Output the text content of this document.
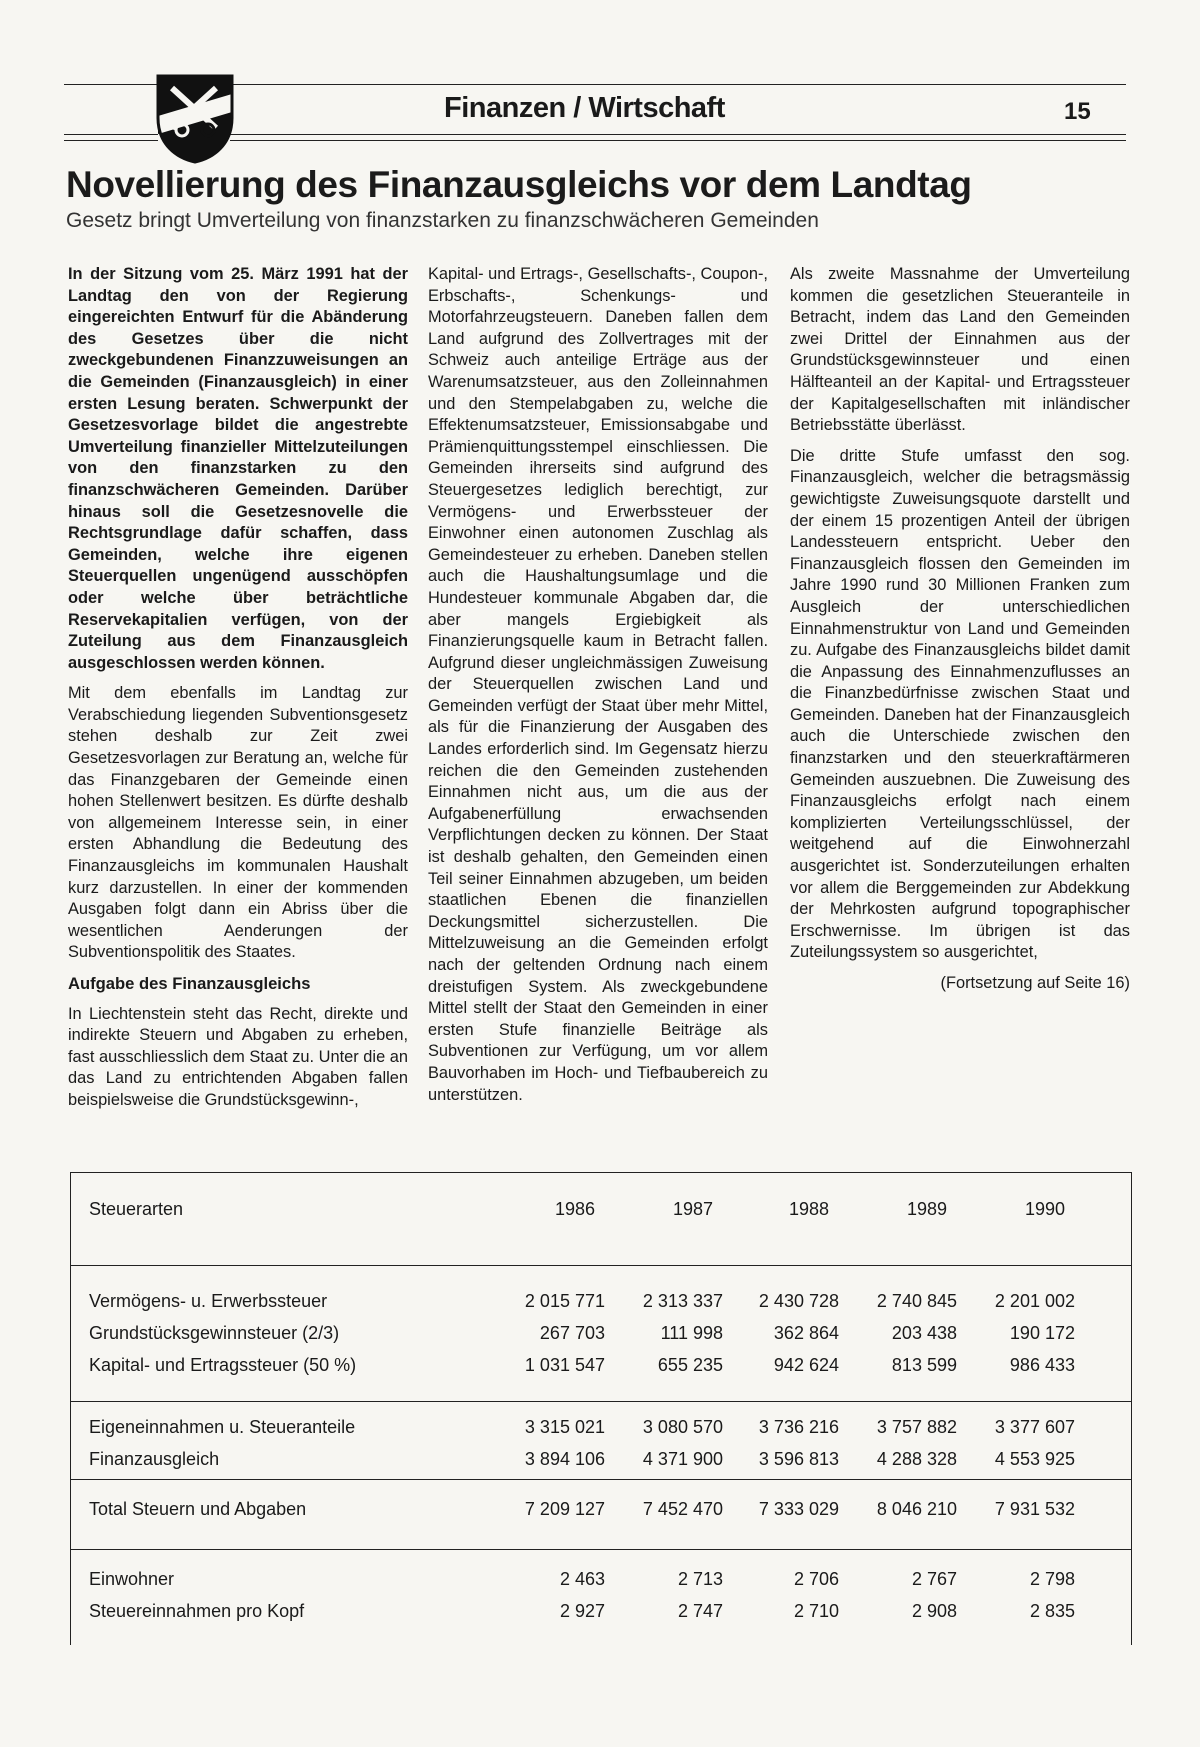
Finanzen / Wirtschaft	15
Novellierung des Finanzausgleichs vor dem Landtag
Gesetz bringt Umverteilung von finanzstarken zu finanzschwächeren Gemeinden

In der Sitzung vom 25. März 1991 hat der Landtag den von der Regierung eingereichten Entwurf für die Abänderung des Gesetzes über die nicht zweckgebundenen Finanzzuweisungen an die Gemeinden (Finanzausgleich) in einer ersten Lesung beraten. Schwerpunkt der Gesetzesvorlage bildet die angestrebte Umverteilung finanzieller Mittelzuteilungen von den finanzstarken zu den finanzschwächeren Gemeinden. Darüber hinaus soll die Gesetzesnovelle die Rechtsgrundlage dafür schaffen, dass Gemeinden, welche ihre eigenen Steuerquellen ungenügend ausschöpfen oder welche über beträchtliche Reservekapitalien verfügen, von der Zuteilung aus dem Finanzausgleich ausgeschlossen werden können.

Mit dem ebenfalls im Landtag zur Verabschiedung liegenden Subventionsgesetz stehen deshalb zur Zeit zwei Gesetzesvorlagen zur Beratung an, welche für das Finanzgebaren der Gemeinde einen hohen Stellenwert besitzen. Es dürfte deshalb von allgemeinem Interesse sein, in einer ersten Abhandlung die Bedeutung des Finanzausgleichs im kommunalen Haushalt kurz darzustellen. In einer der kommenden Ausgaben folgt dann ein Abriss über die wesentlichen Aenderungen der Subventionspolitik des Staates.

Aufgabe des Finanzausgleichs

In Liechtenstein steht das Recht, direkte und indirekte Steuern und Abgaben zu erheben, fast ausschliesslich dem Staat zu. Unter die an das Land zu entrichtenden Abgaben fallen beispielsweise die Grundstücksgewinn-,

Steuerarten	1986	1987	1988	1989	1990
Vermögens- u. Erwerbssteuer	2 015 771	2 313 337	2 430 728	2 740 845	2 201 002
Grundstücksgewinnsteuer (2/3)	267 703	111 998	362 864	203 438	190 172
Kapital- und Ertragssteuer (50 %)	1 031 547	655 235	942 624	813 599	986 433
Eigeneinnahmen u. Steueranteile	3 315 021	3 080 570	3 736 216	3 757 882	3 377 607
Finanzausgleich	3 894 106	4 371 900	3 596 813	4 288 328	4 553 925
Total Steuern und Abgaben	7 209 127	7 452 470	7 333 029	8 046 210	7 931 532
Einwohner	2 463	2 713	2 706	2 767	2 798
Steuereinnahmen pro Kopf	2 927	2 747	2 710	2 908	2 835

Kapital- und Ertrags-, Gesellschafts-, Coupon-, Erbschafts-, Schenkungs- und Motorfahrzeugsteuern. Daneben fallen dem Land aufgrund des Zollvertrages mit der Schweiz auch anteilige Erträge aus der Warenumsatzsteuer, aus den Zolleinnahmen und den Stempelabgaben zu, welche die Effektenumsatzsteuer, Emissionsabgabe und Prämienquittungsstempel einschliessen. Die Gemeinden ihrerseits sind aufgrund des Steuergesetzes lediglich berechtigt, zur Vermögens- und Erwerbssteuer der Einwohner einen autonomen Zuschlag als Gemeindesteuer zu erheben. Daneben stellen auch die Haushaltungsumlage und die Hundesteuer kommunale Abgaben dar, die aber mangels Ergiebigkeit als Finanzierungsquelle kaum in Betracht fallen. Aufgrund dieser ungleichmässigen Zuweisung der Steuerquellen zwischen Land und Gemeinden verfügt der Staat über mehr Mittel, als für die Finanzierung der Ausgaben des Landes erforderlich sind. Im Gegensatz hierzu reichen die den Gemeinden zustehenden Einnahmen nicht aus, um die aus der Aufgabenerfüllung erwachsenden Verpflichtungen decken zu können. Der Staat ist deshalb gehalten, den Gemeinden einen Teil seiner Einnahmen abzugeben, um beiden staatlichen Ebenen die finanziellen Deckungsmittel sicherzustellen. Die Mittelzuweisung an die Gemeinden erfolgt nach der geltenden Ordnung nach einem dreistufigen System. Als zweckgebundene Mittel stellt der Staat den Gemeinden in einer ersten Stufe finanzielle Beiträge als Subventionen zur Verfügung, um vor allem Bauvorhaben im Hoch- und Tiefbaubereich zu unterstützen.

Als zweite Massnahme der Umverteilung kommen die gesetzlichen Steueranteile in Betracht, indem das Land den Gemeinden zwei Drittel der Einnahmen aus der Grundstücksgewinnsteuer und einen Hälfteanteil an der Kapital- und Ertragssteuer der Kapitalgesellschaften mit inländischer Betriebsstätte überlässt.

Die dritte Stufe umfasst den sog. Finanzausgleich, welcher die betragsmässig gewichtigste Zuweisungsquote darstellt und der einem 15 prozentigen Anteil der übrigen Landessteuern entspricht. Ueber den Finanzausgleich flossen den Gemeinden im Jahre 1990 rund 30 Millionen Franken zum Ausgleich der unterschiedlichen Einnahmenstruktur von Land und Gemeinden zu. Aufgabe des Finanzausgleichs bildet damit die Anpassung des Einnahmenzuflusses an die Finanzbedürfnisse zwischen Staat und Gemeinden. Daneben hat der Finanzausgleich auch die Unterschiede zwischen den finanzstarken und den steuerkraftärmeren Gemeinden auszuebnen. Die Zuweisung des Finanzausgleichs erfolgt nach einem komplizierten Verteilungsschlüssel, der weitgehend auf die Einwohnerzahl ausgerichtet ist. Sonderzuteilungen erhalten vor allem die Berggemeinden zur Abdekkung der Mehrkosten aufgrund topographischer Erschwernisse. Im übrigen ist das Zuteilungssystem so ausgerichtet,

(Fortsetzung auf Seite 16)
